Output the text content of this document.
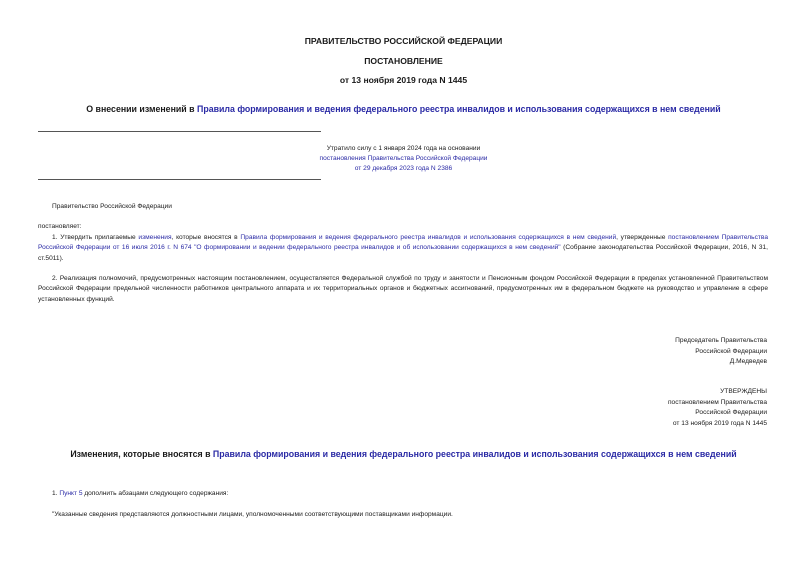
ПРАВИТЕЛЬСТВО РОССИЙСКОЙ ФЕДЕРАЦИИ
ПОСТАНОВЛЕНИЕ
от 13 ноября 2019 года N 1445
О внесении изменений в Правила формирования и ведения федерального реестра инвалидов и использования содержащихся в нем сведений
Утратило силу с 1 января 2024 года на основании
постановления Правительства Российской Федерации
от 29 декабря 2023 года N 2386
Правительство Российской Федерации
постановляет:
1. Утвердить прилагаемые изменения, которые вносятся в Правила формирования и ведения федерального реестра инвалидов и использования содержащихся в нем сведений, утвержденные постановлением Правительства Российской Федерации от 16 июля 2016 г. N 674 "О формировании и ведении федерального реестра инвалидов и об использовании содержащихся в нем сведений" (Собрание законодательства Российской Федерации, 2016, N 31, ст.5011).
2. Реализация полномочий, предусмотренных настоящим постановлением, осуществляется Федеральной службой по труду и занятости и Пенсионным фондом Российской Федерации в пределах установленной Правительством Российской Федерации предельной численности работников центрального аппарата и их территориальных органов и бюджетных ассигнований, предусмотренных им в федеральном бюджете на руководство и управление в сфере установленных функций.
Председатель Правительства
Российской Федерации
Д.Медведев
УТВЕРЖДЕНЫ
постановлением Правительства
Российской Федерации
от 13 ноября 2019 года N 1445
Изменения, которые вносятся в Правила формирования и ведения федерального реестра инвалидов и использования содержащихся в нем сведений
1. Пункт 5 дополнить абзацами следующего содержания:
"Указанные сведения представляются должностными лицами, уполномоченными соответствующими поставщиками информации.
